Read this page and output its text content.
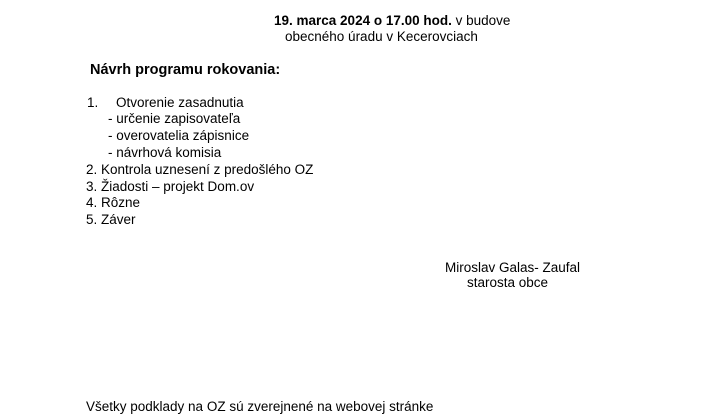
19. marca 2024 o 17.00 hod. v budove
obecného úradu v Kecerovciach
Návrh programu rokovania:
1. Otvorenie zasadnutia
- určenie zapisovateľa
- overovatelia zápisnice
- návrhová komisia
2. Kontrola uznesení z predošlého OZ
3. Žiadosti – projekt Dom.ov
4. Rôzne
5. Záver
Miroslav Galas- Zaufal
starosta obce
Všetky podklady na OZ sú zverejnené na webovej stránke
